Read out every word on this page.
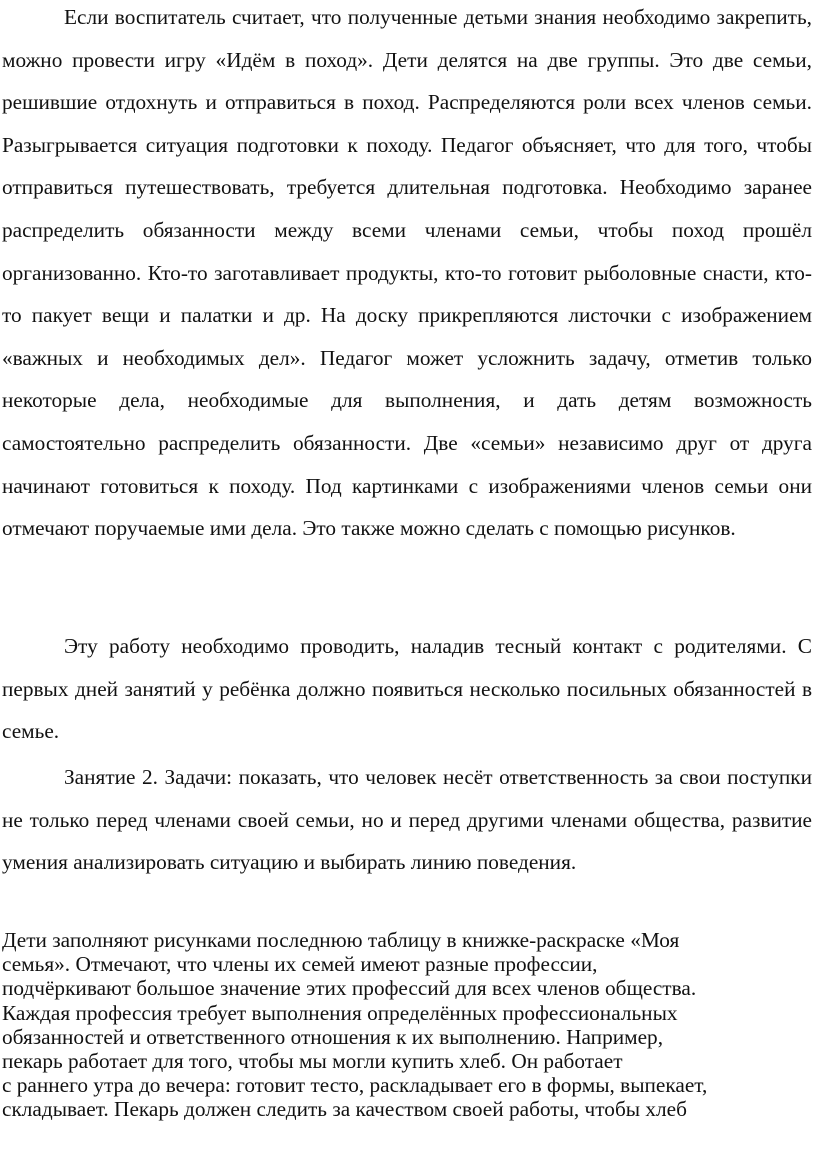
Если воспитатель считает, что полученные детьми знания необходимо закрепить, можно провести игру «Идём в поход». Дети делятся на две группы. Это две семьи, решившие отдохнуть и отправиться в поход. Распределяются роли всех членов семьи. Разыгрывается ситуация подготовки к походу. Педагог объясняет, что для того, чтобы отправиться путешествовать, требуется длительная подготовка. Необходимо заранее распределить обязанности между всеми членами семьи, чтобы поход прошёл организованно. Кто-то заготавливает продукты, кто-то готовит рыболовные снасти, кто-то пакует вещи и палатки и др. На доску прикрепляются листочки с изображением «важных и необходимых дел». Педагог может усложнить задачу, отметив только некоторые дела, необходимые для выполнения, и дать детям возможность самостоятельно распределить обязанности. Две «семьи» независимо друг от друга начинают готовиться к походу. Под картинками с изображениями членов семьи они отмечают поручаемые ими дела. Это также можно сделать с помощью рисунков.

Эту работу необходимо проводить, наладив тесный контакт с родителями. С первых дней занятий у ребёнка должно появиться несколько посильных обязанностей в семье.

Занятие 2. Задачи: показать, что человек несёт ответственность за свои поступки не только перед членами своей семьи, но и перед другими членами общества, развитие умения анализировать ситуацию и выбирать линию поведения.

Дети заполняют рисунками последнюю таблицу в книжке-раскраске «Моя
семья». Отмечают, что члены их семей имеют разные профессии,
подчёркивают большое значение этих профессий для всех членов общества.
Каждая профессия требует выполнения определённых профессиональных
обязанностей и ответственного отношения к их выполнению. Например,
пекарь работает для того, чтобы мы могли купить хлеб. Он работает
с раннего утра до вечера: готовит тесто, раскладывает его в формы, выпекает,
складывает. Пекарь должен следить за качеством своей работы, чтобы хлеб
